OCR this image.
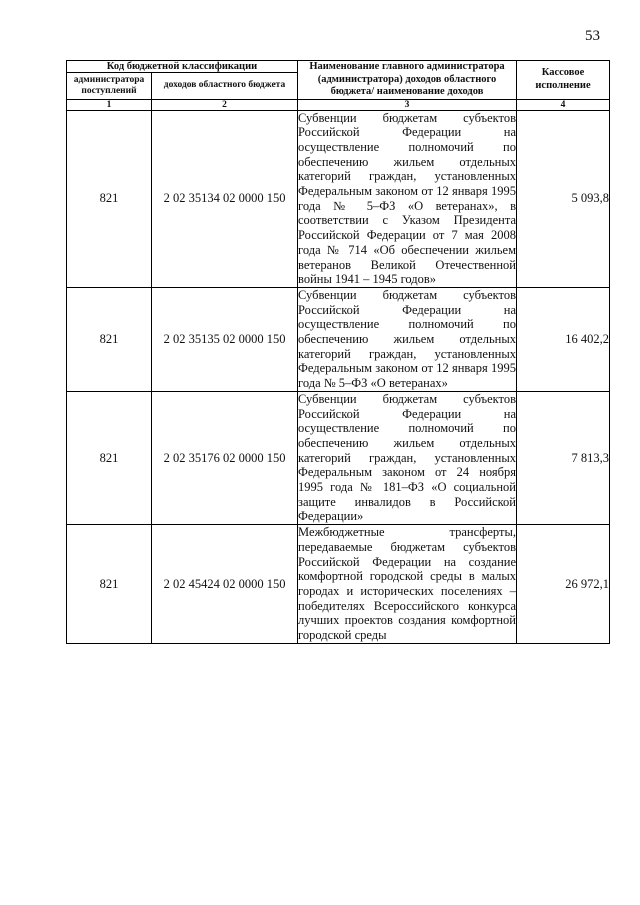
53
Код бюджетной классификации		Наименование главного администратора (администратора) доходов областного бюджета/ наименование доходов	Кассовое исполнение
администратора поступлений	доходов областного бюджета		
1	2	3	4
821	2 02 35134 02 0000 150	Субвенции бюджетам субъектов Российской Федерации на осуществление полномочий по обеспечению жильем отдельных категорий граждан, установленных Федеральным законом от 12 января 1995 года № 5–ФЗ «О ветеранах», в соответствии с Указом Президента Российской Федерации от 7 мая 2008 года № 714 «Об обеспечении жильем ветеранов Великой Отечественной войны 1941 – 1945 годов»	5 093,8
821	2 02 35135 02 0000 150	Субвенции бюджетам субъектов Российской Федерации на осуществление полномочий по обеспечению жильем отдельных категорий граждан, установленных Федеральным законом от 12 января 1995 года № 5–ФЗ «О ветеранах»	16 402,2
821	2 02 35176 02 0000 150	Субвенции бюджетам субъектов Российской Федерации на осуществление полномочий по обеспечению жильем отдельных категорий граждан, установленных Федеральным законом от 24 ноября 1995 года № 181–ФЗ «О социальной защите инвалидов в Российской Федерации»	7 813,3
821	2 02 45424 02 0000 150	Межбюджетные трансферты, передаваемые бюджетам субъектов Российской Федерации на создание комфортной городской среды в малых городах и исторических поселениях – победителях Всероссийского конкурса лучших проектов создания комфортной городской среды	26 972,1
